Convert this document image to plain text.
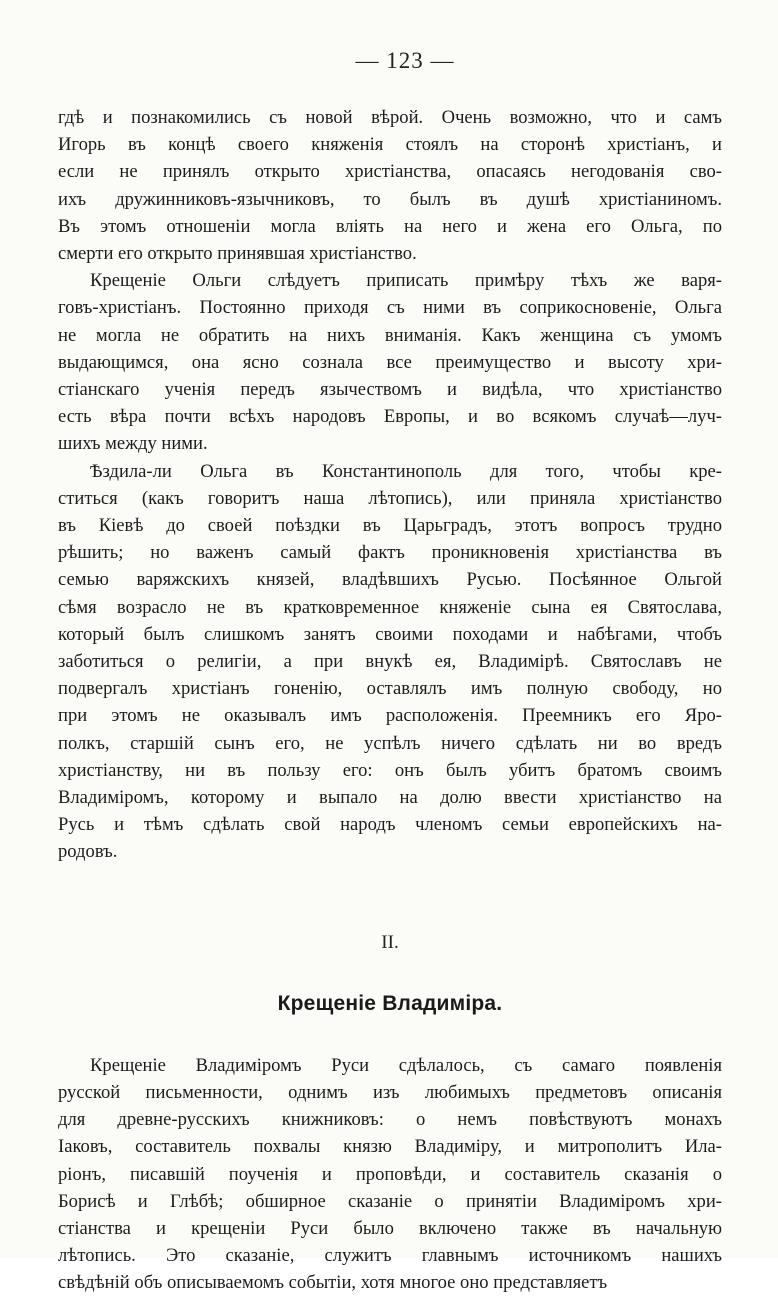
— 123 —
гдѣ и познакомились съ новой вѣрой. Очень возможно, что и самъ
Игорь въ концѣ своего княженія стоялъ на сторонѣ христіанъ, и
если не принялъ открыто христіанства, опасаясь негодованія сво-
ихъ дружинниковъ-язычниковъ, то былъ въ душѣ христіаниномъ.
Въ этомъ отношеніи могла вліять на него и жена его Ольга, по
смерти его открыто принявшая христіанство.
Крещеніе Ольги слѣдуетъ приписать примѣру тѣхъ же варя-
говъ-христіанъ. Постоянно приходя съ ними въ соприкосновеніе, Ольга
не могла не обратить на нихъ вниманія. Какъ женщина съ умомъ
выдающимся, она ясно сознала все преимущество и высоту хри-
стіанскаго ученія передъ язычествомъ и видѣла, что христіанство
есть вѣра почти всѣхъ народовъ Европы, и во всякомъ случаѣ—луч-
шихъ между ними.
Ѣздила-ли Ольга въ Константинополь для того, чтобы кре-
ститься (какъ говоритъ наша лѣтопись), или приняла христіанство
въ Кіевѣ до своей поѣздки въ Царьградъ, этотъ вопросъ трудно
рѣшить; но важенъ самый фактъ проникновенія христіанства въ
семью варяжскихъ князей, владѣвшихъ Русью. Посѣянное Ольгой
сѣмя возрасло не въ кратковременное княженіе сына ея Святослава,
который былъ слишкомъ занятъ своими походами и набѣгами, чтобъ
заботиться о религіи, а при внукѣ ея, Владимірѣ. Святославъ не
подвергалъ христіанъ гоненію, оставлялъ имъ полную свободу, но
при этомъ не оказывалъ имъ расположенія. Преемникъ его Яро-
полкъ, старшій сынъ его, не успѣлъ ничего сдѣлать ни во вредъ
христіанству, ни въ пользу его: онъ былъ убитъ братомъ своимъ
Владиміромъ, которому и выпало на долю ввести христіанство на
Русь и тѣмъ сдѣлать свой народъ членомъ семьи европейскихъ на-
родовъ.
II.
Крещеніе Владиміра.
Крещеніе Владиміромъ Руси сдѣлалось, съ самаго появленія
русской письменности, однимъ изъ любимыхъ предметовъ описанія
для древне-русскихъ книжниковъ: о немъ повѣствуютъ монахъ
Іаковъ, составитель похвалы князю Владиміру, и митрополитъ Ила-
ріонъ, писавшій поученія и проповѣди, и составитель сказанія о
Борисѣ и Глѣбѣ; обширное сказаніе о принятіи Владиміромъ хри-
стіанства и крещеніи Руси было включено также въ начальную
лѣтопись. Это сказаніе, служитъ главнымъ источникомъ нашихъ
свѣдѣній объ описываемомъ событіи, хотя многое оно представляетъ
